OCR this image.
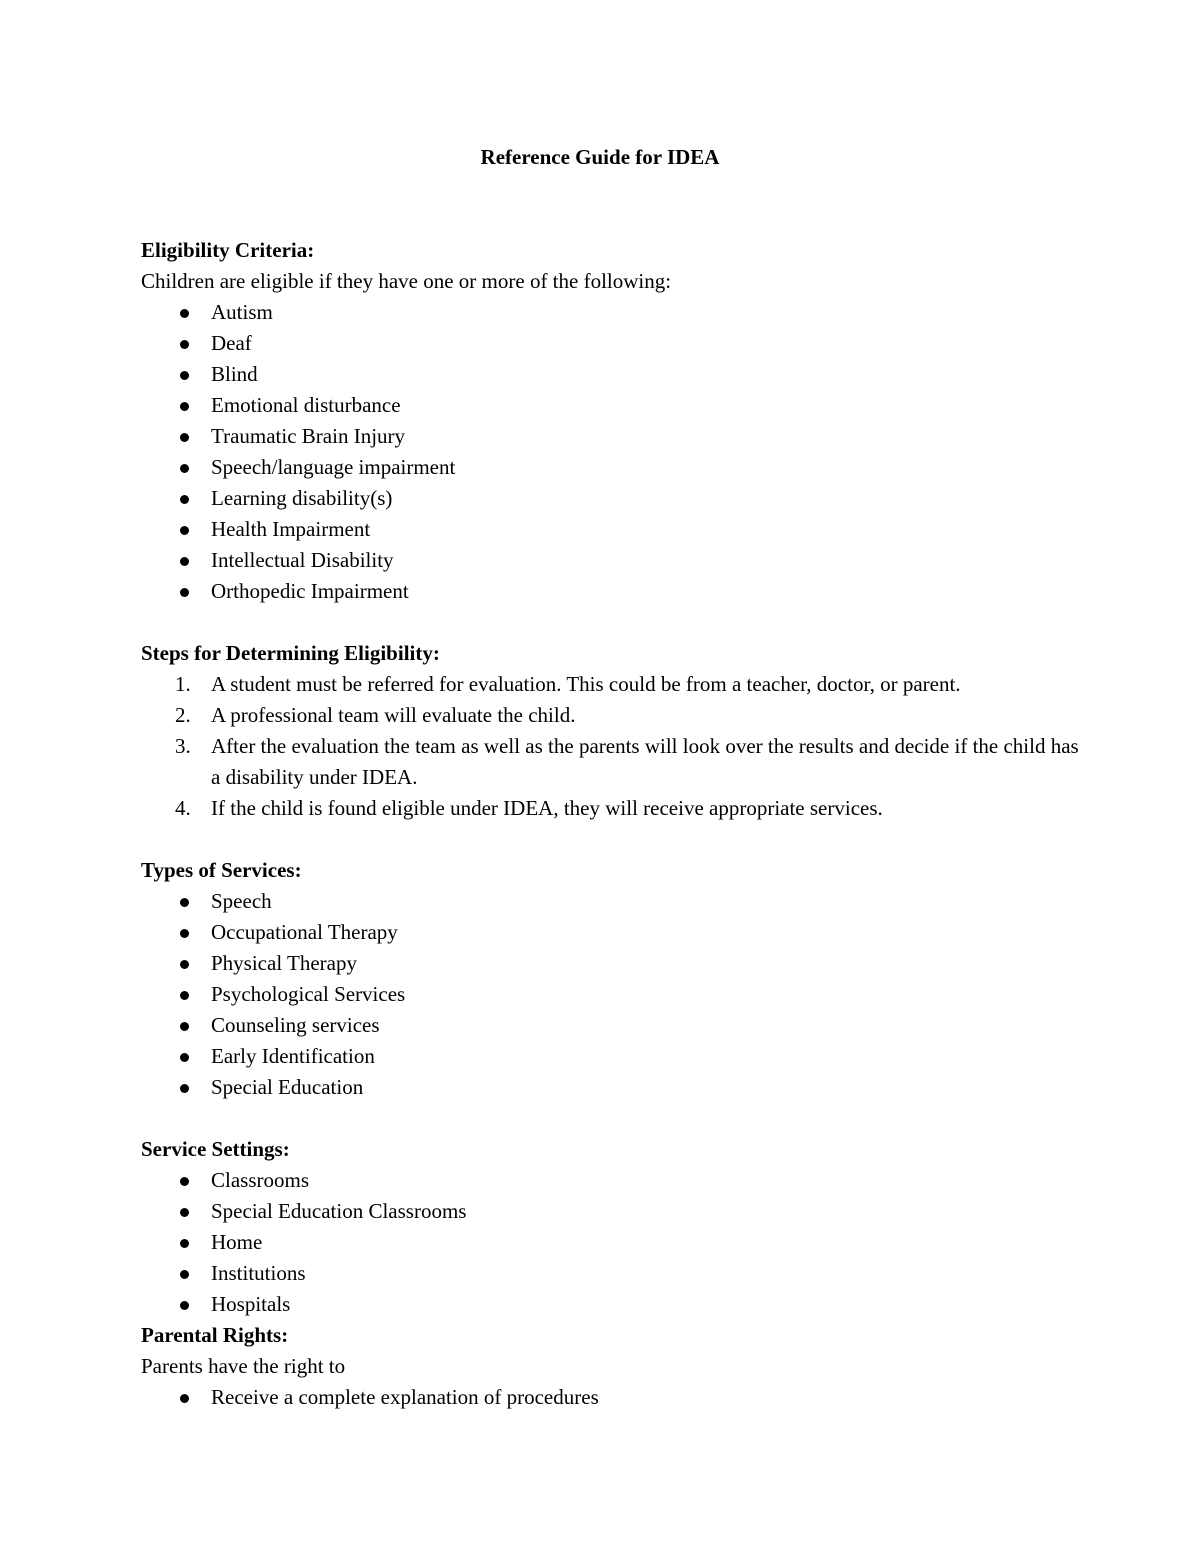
Reference Guide for IDEA

Eligibility Criteria:

Children are eligible if they have one or more of the following:

Autism
Deaf
Blind
Emotional disturbance
Traumatic Brain Injury
Speech/language impairment
Learning disability(s)
Health Impairment
Intellectual Disability
Orthopedic Impairment

Steps for Determining Eligibility:

1. A student must be referred for evaluation. This could be from a teacher, doctor, or parent.
2. A professional team will evaluate the child.
3. After the evaluation the team as well as the parents will look over the results and decide if the child has a disability under IDEA.
4. If the child is found eligible under IDEA, they will receive appropriate services.

Types of Services:

Speech
Occupational Therapy
Physical Therapy
Psychological Services
Counseling services
Early Identification
Special Education

Service Settings:

Classrooms
Special Education Classrooms
Home
Institutions
Hospitals

Parental Rights:

Parents have the right to

Receive a complete explanation of procedures
